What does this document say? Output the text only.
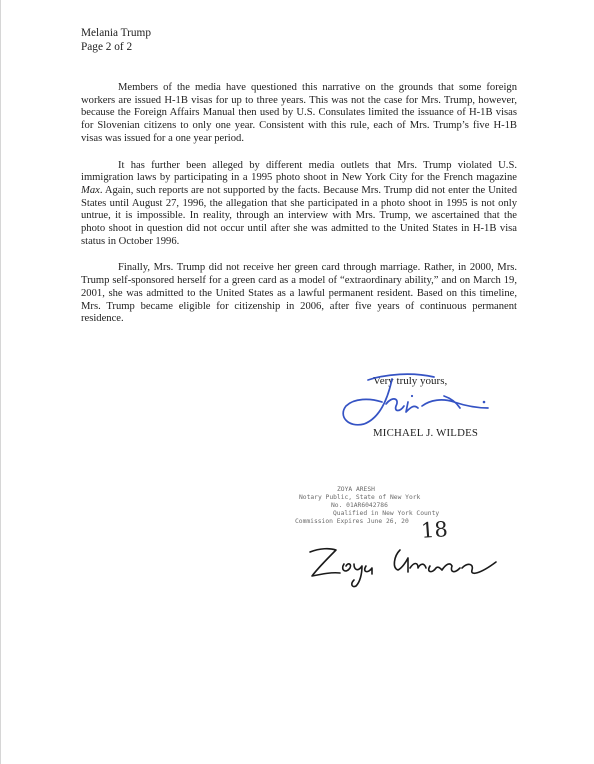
Melania Trump
Page 2 of 2

Members of the media have questioned this narrative on the grounds that some foreign workers are issued H-1B visas for up to three years. This was not the case for Mrs. Trump, however, because the Foreign Affairs Manual then used by U.S. Consulates limited the issuance of H-1B visas for Slovenian citizens to only one year. Consistent with this rule, each of Mrs. Trump’s five H-1B visas was issued for a one year period.

It has further been alleged by different media outlets that Mrs. Trump violated U.S. immigration laws by participating in a 1995 photo shoot in New York City for the French magazine Max. Again, such reports are not supported by the facts. Because Mrs. Trump did not enter the United States until August 27, 1996, the allegation that she participated in a photo shoot in 1995 is not only untrue, it is impossible. In reality, through an interview with Mrs. Trump, we ascertained that the photo shoot in question did not occur until after she was admitted to the United States in H-1B visa status in October 1996.

Finally, Mrs. Trump did not receive her green card through marriage. Rather, in 2000, Mrs. Trump self-sponsored herself for a green card as a model of “extraordinary ability,” and on March 19, 2001, she was admitted to the United States as a lawful permanent resident. Based on this timeline, Mrs. Trump became eligible for citizenship in 2006, after five years of continuous permanent residence.

Very truly yours,
MICHAEL J. WILDES
ZOYA ARESH
Notary Public, State of New York
No. 01AR6042786
Qualified in New York County
Commission Expires June 26, 20 18
